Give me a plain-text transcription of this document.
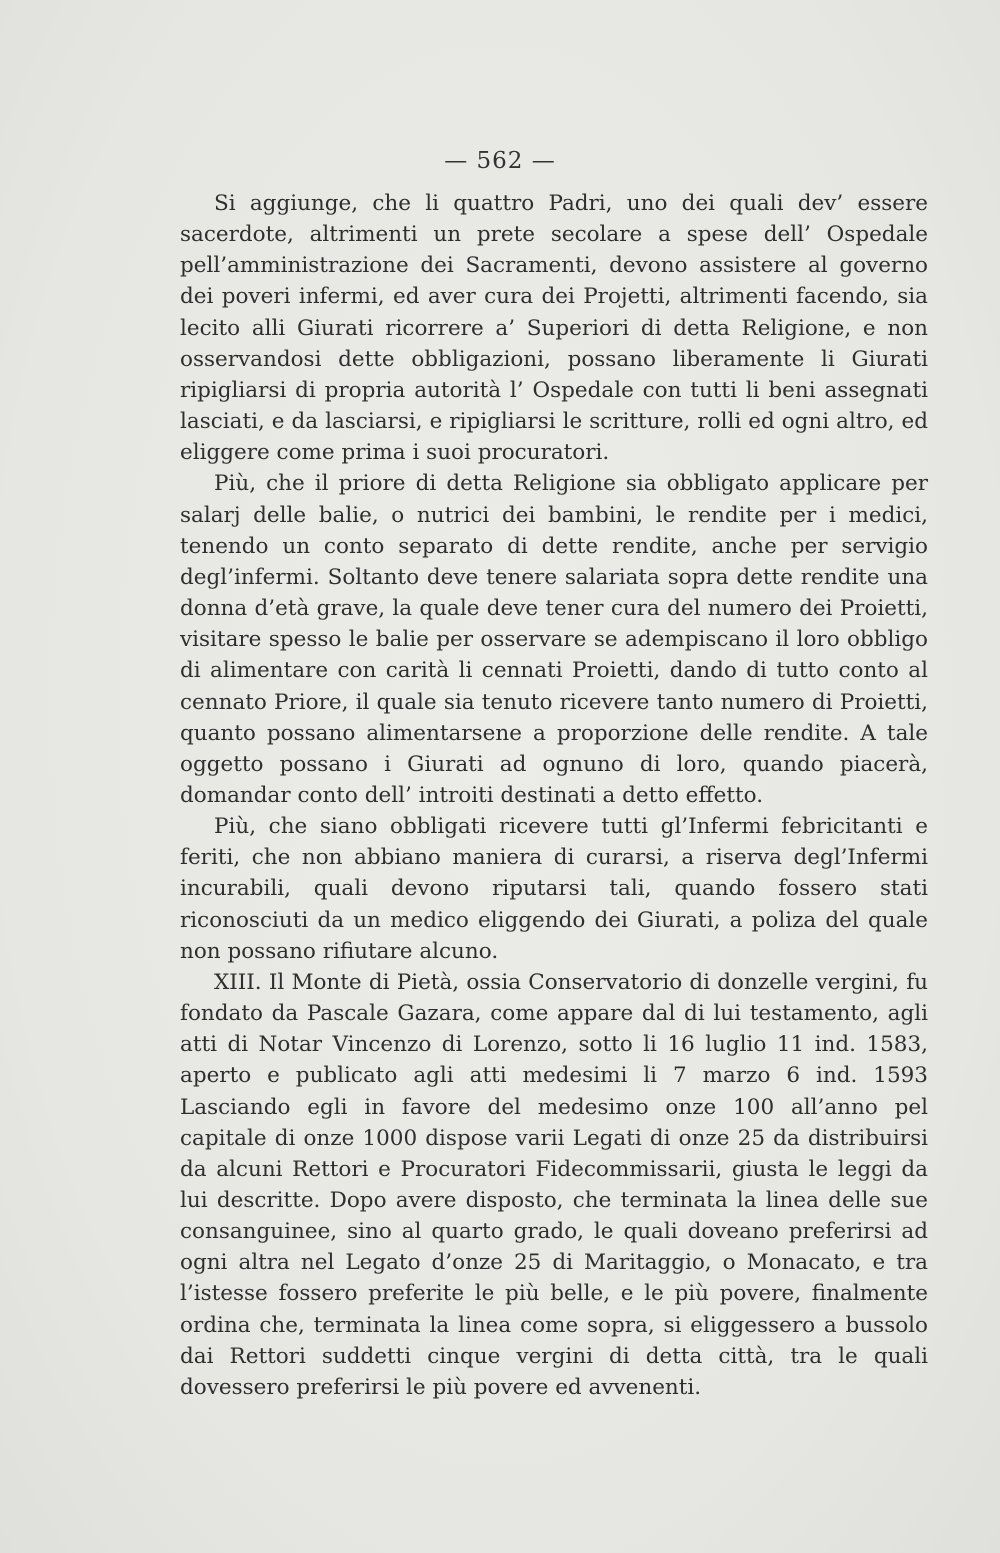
— 562 —

Si aggiunge, che li quattro Padri, uno dei quali dev’ essere sacerdote, altrimenti un prete secolare a spese dell’ Ospedale pell’amministrazione dei Sacramenti, devono assistere al governo dei poveri infermi, ed aver cura dei Projetti, altrimenti facendo, sia lecito alli Giurati ricorrere a’ Superiori di detta Religione, e non osservandosi dette obbligazioni, possano liberamente li Giurati ripigliarsi di propria autorità l’ Ospedale con tutti li beni assegnati lasciati, e da lasciarsi, e ripigliarsi le scritture, rolli ed ogni altro, ed eliggere come prima i suoi procuratori.

Più, che il priore di detta Religione sia obbligato applicare per salarj delle balie, o nutrici dei bambini, le rendite per i medici, tenendo un conto separato di dette rendite, anche per servigio degl’infermi. Soltanto deve tenere salariata sopra dette rendite una donna d’età grave, la quale deve tener cura del numero dei Proietti, visitare spesso le balie per osservare se adempiscano il loro obbligo di alimentare con carità li cennati Proietti, dando di tutto conto al cennato Priore, il quale sia tenuto ricevere tanto numero di Proietti, quanto possano alimentarsene a proporzione delle rendite. A tale oggetto possano i Giurati ad ognuno di loro, quando piacerà, domandar conto dell’ introiti destinati a detto effetto.

Più, che siano obbligati ricevere tutti gl’Infermi febricitanti e feriti, che non abbiano maniera di curarsi, a riserva degl’Infermi incurabili, quali devono riputarsi tali, quando fossero stati riconosciuti da un medico eliggendo dei Giurati, a poliza del quale non possano rifiutare alcuno.

XIII. Il Monte di Pietà, ossia Conservatorio di donzelle vergini, fu fondato da Pascale Gazara, come appare dal di lui testamento, agli atti di Notar Vincenzo di Lorenzo, sotto li 16 luglio 11 ind. 1583, aperto e publicato agli atti medesimi li 7 marzo 6 ind. 1593 Lasciando egli in favore del medesimo onze 100 all’anno pel capitale di onze 1000 dispose varii Legati di onze 25 da distribuirsi da alcuni Rettori e Procuratori Fidecommissarii, giusta le leggi da lui descritte. Dopo avere disposto, che terminata la linea delle sue consanguinee, sino al quarto grado, le quali doveano preferirsi ad ogni altra nel Legato d’onze 25 di Maritaggio, o Monacato, e tra l’istesse fossero preferite le più belle, e le più povere, finalmente ordina che, terminata la linea come sopra, si eliggessero a bussolo dai Rettori suddetti cinque vergini di detta città, tra le quali dovessero preferirsi le più povere ed avvenenti.
